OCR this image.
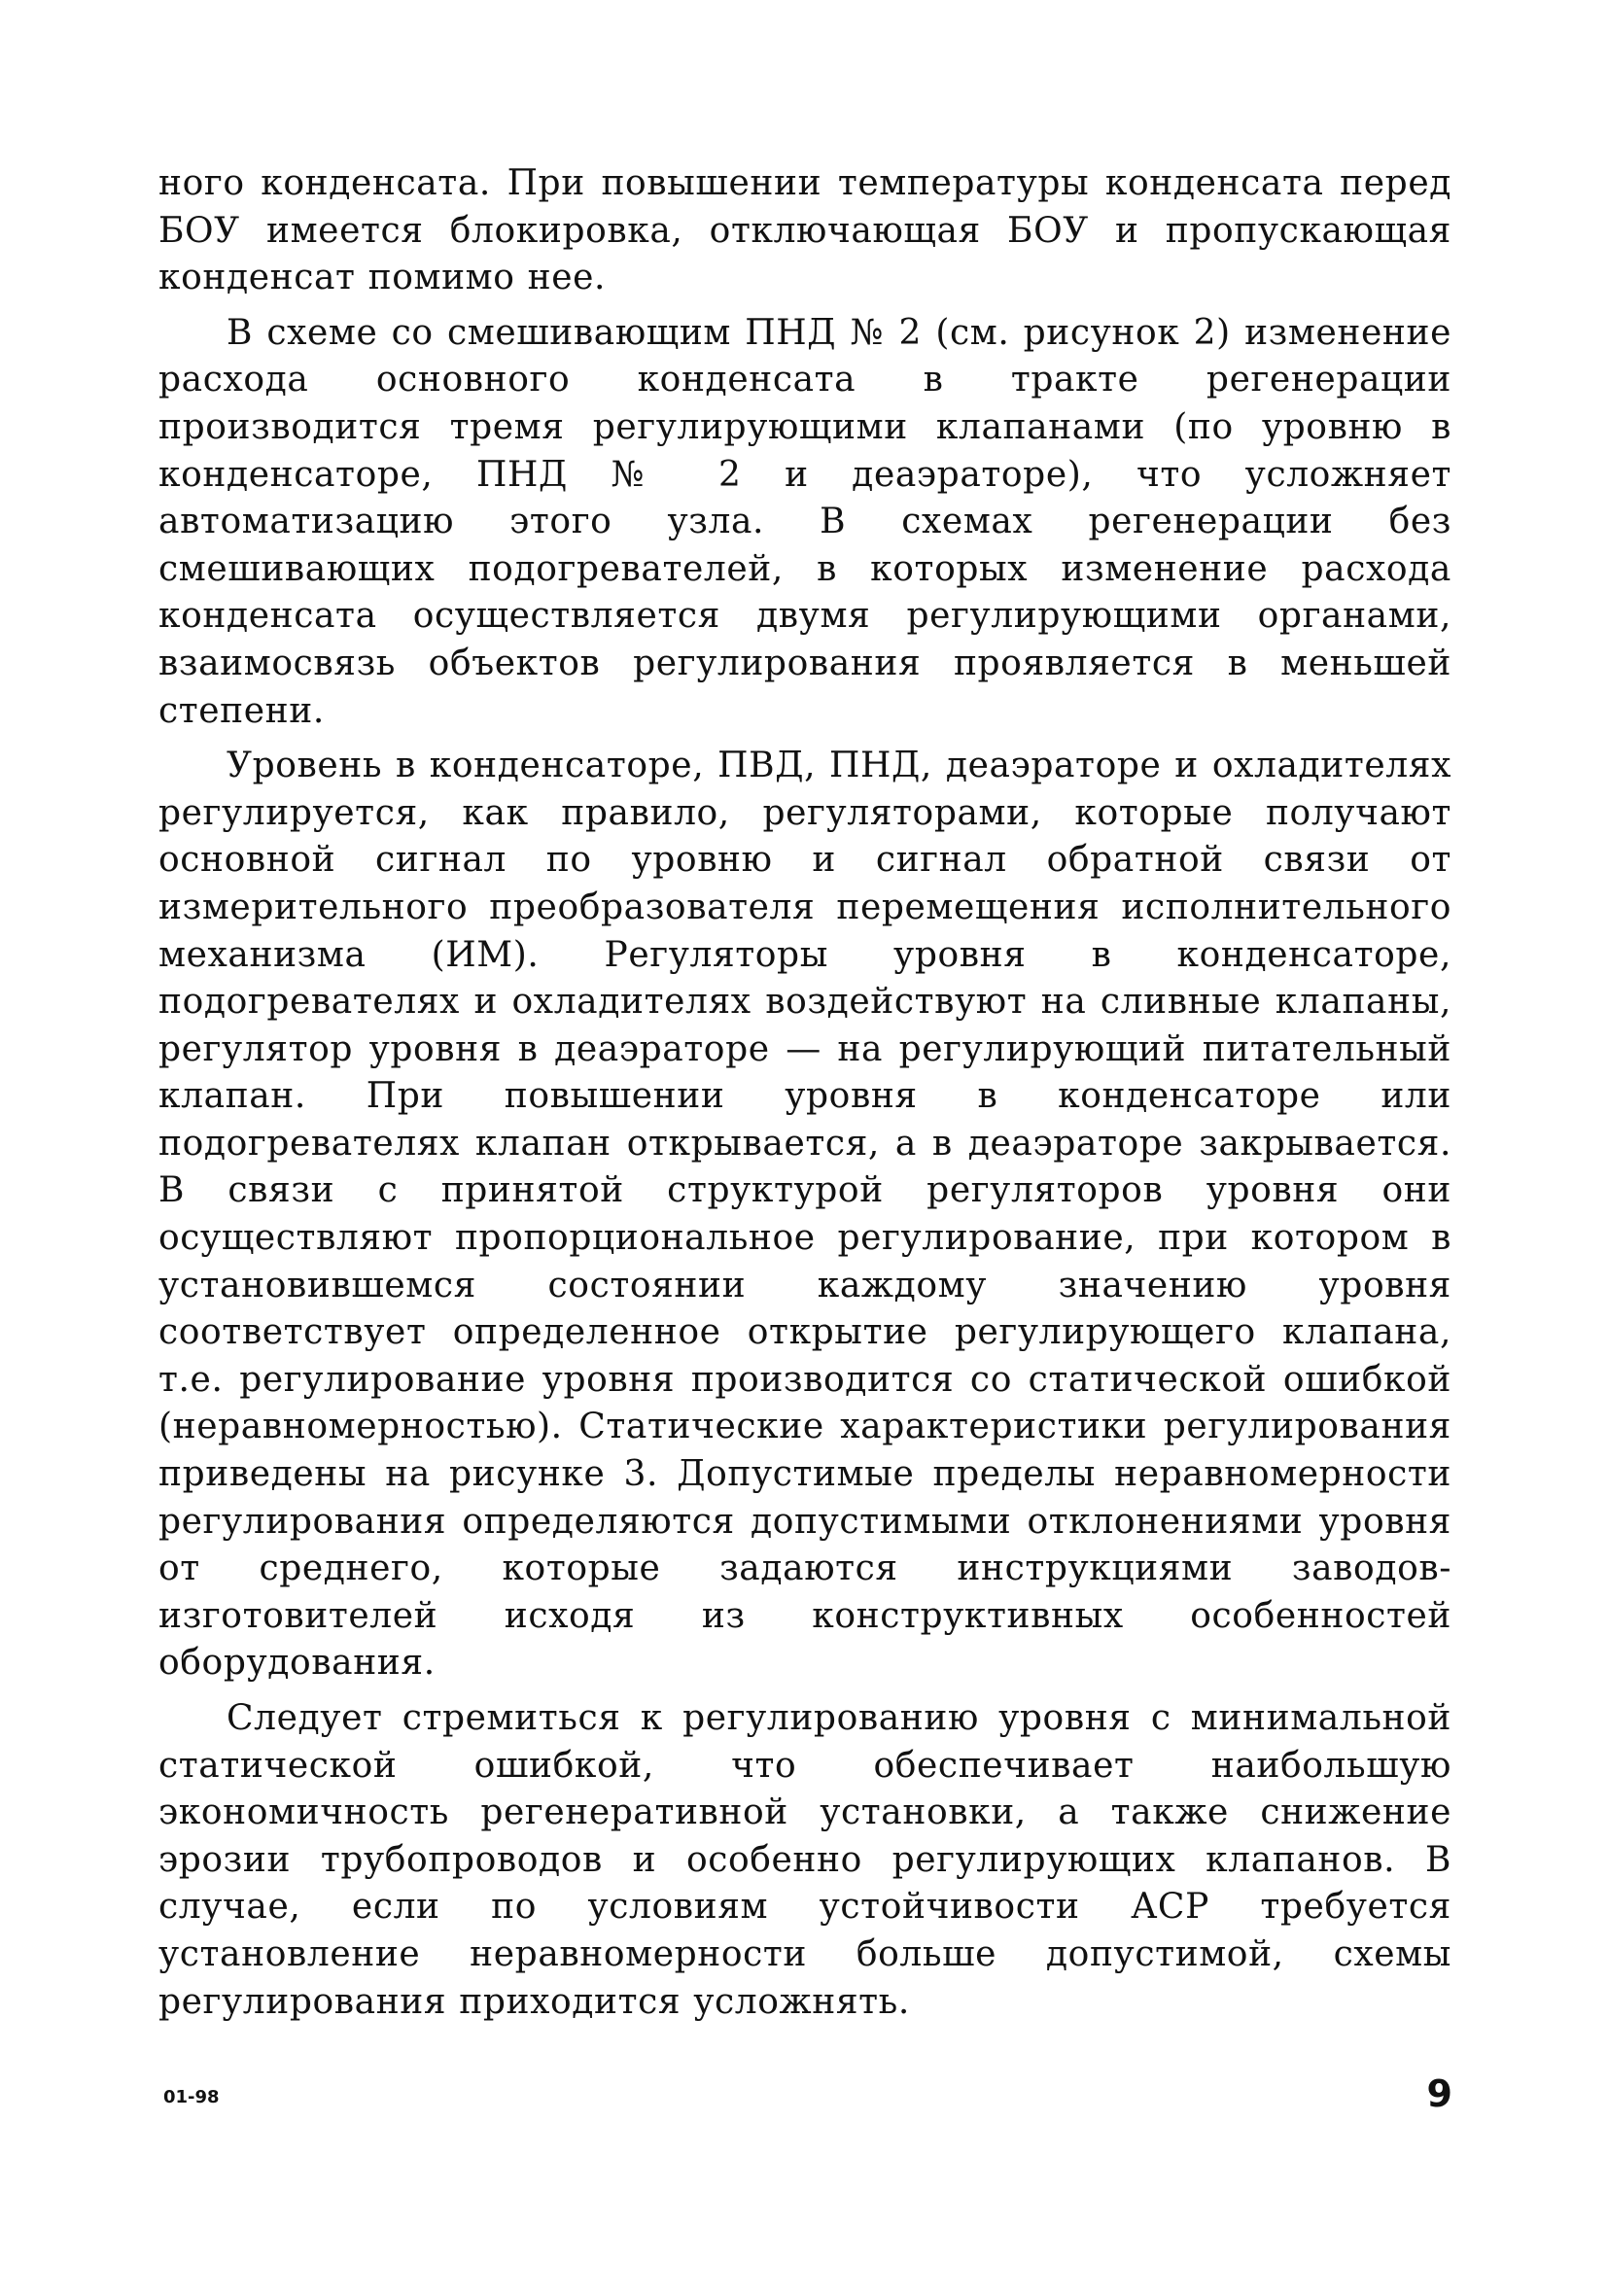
ного конденсата. При повышении температуры конденсата перед БОУ имеется блокировка, отключающая БОУ и пропускающая конденсат помимо нее.

В схеме со смешивающим ПНД № 2 (см. рисунок 2) изменение расхода основного конденсата в тракте регенерации производится тремя регулирующими клапанами (по уровню в конденсаторе, ПНД № 2 и деаэраторе), что усложняет автоматизацию этого узла. В схемах регенерации без смешивающих подогревателей, в которых изменение расхода конденсата осуществляется двумя регулирующими органами, взаимосвязь объектов регулирования проявляется в меньшей степени.

Уровень в конденсаторе, ПВД, ПНД, деаэраторе и охладителях регулируется, как правило, регуляторами, которые получают основной сигнал по уровню и сигнал обратной связи от измерительного преобразователя перемещения исполнительного механизма (ИМ). Регуляторы уровня в конденсаторе, подогревателях и охладителях воздействуют на сливные клапаны, регулятор уровня в деаэраторе — на регулирующий питательный клапан. При повышении уровня в конденсаторе или подогревателях клапан открывается, а в деаэраторе закрывается. В связи с принятой структурой регуляторов уровня они осуществляют пропорциональное регулирование, при котором в установившемся состоянии каждому значению уровня соответствует определенное открытие регулирующего клапана, т.е. регулирование уровня производится со статической ошибкой (неравномерностью). Статические характеристики регулирования приведены на рисунке 3. Допустимые пределы неравномерности регулирования определяются допустимыми отклонениями уровня от среднего, которые задаются инструкциями заводов-изготовителей исходя из конструктивных особенностей оборудования.

Следует стремиться к регулированию уровня с минимальной статической ошибкой, что обеспечивает наибольшую экономичность регенеративной установки, а также снижение эрозии трубопроводов и особенно регулирующих клапанов. В случае, если по условиям устойчивости АСР требуется установление неравномерности больше допустимой, схемы регулирования приходится усложнять.

01-98	9
